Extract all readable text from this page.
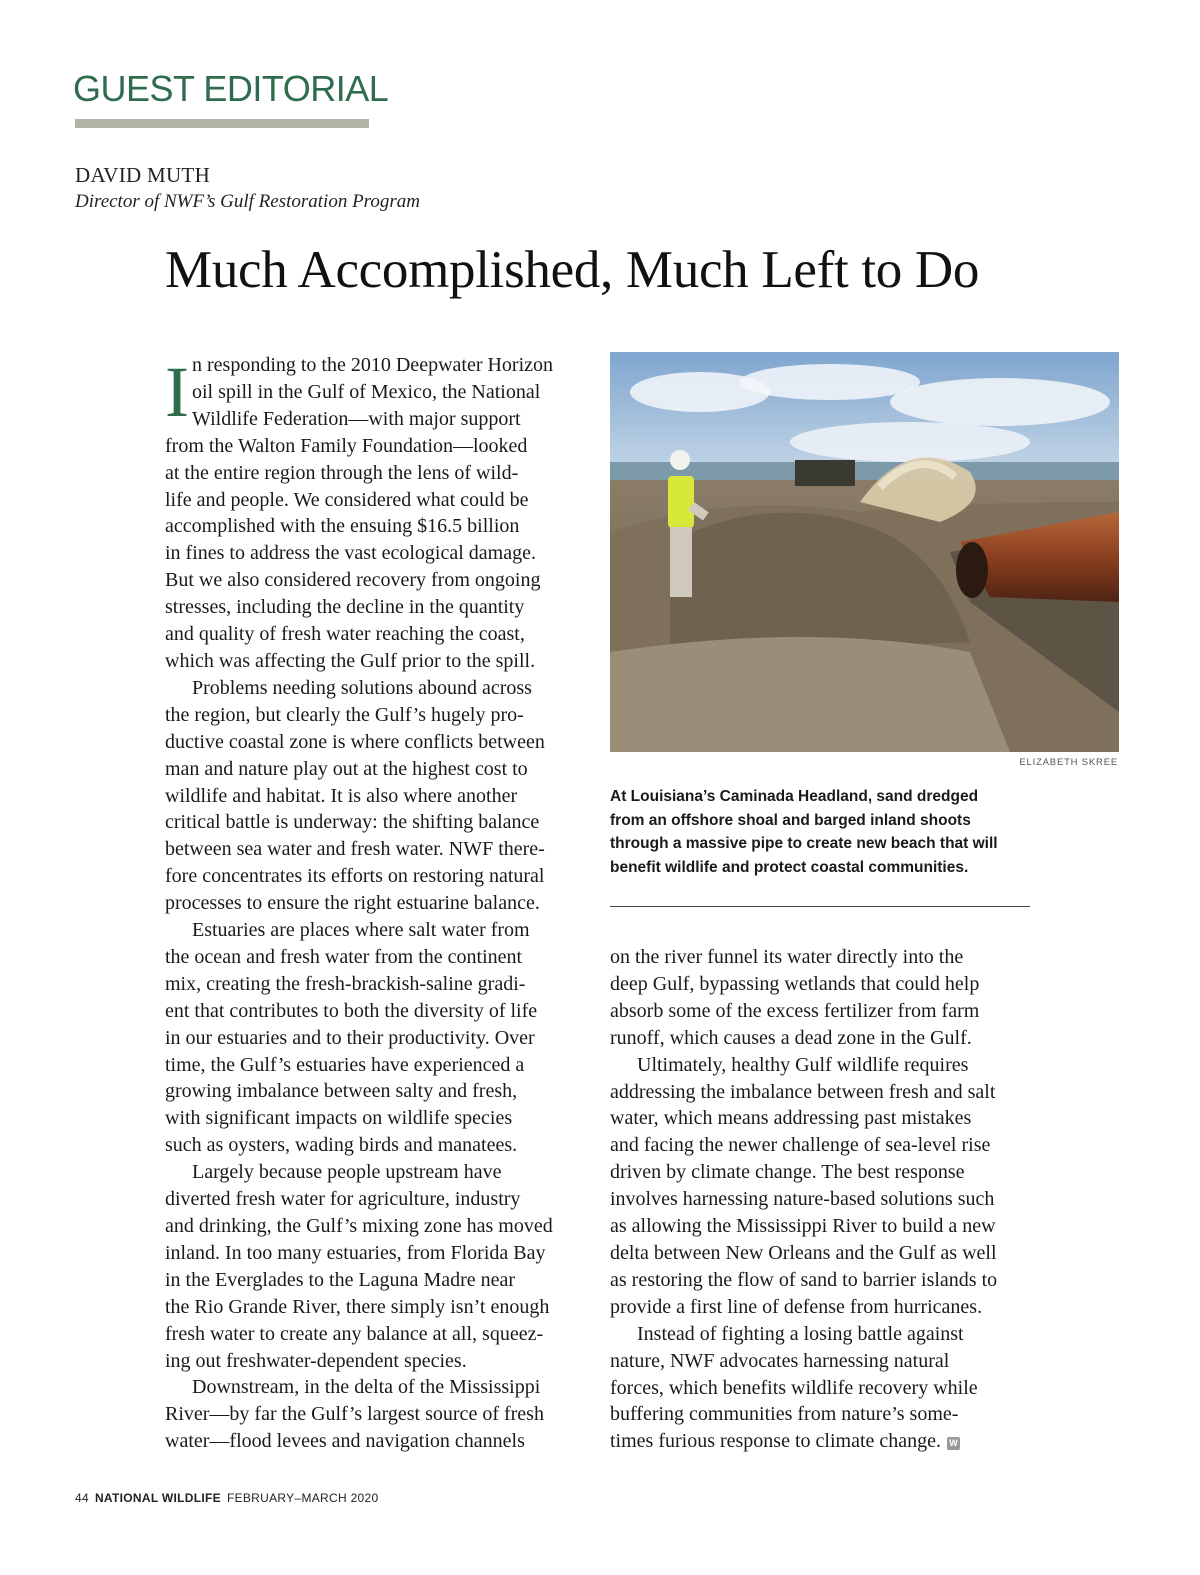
GUEST EDITORIAL
DAVID MUTH
Director of NWF’s Gulf Restoration Program
Much Accomplished, Much Left to Do
I n responding to the 2010 Deepwater Horizon
oil spill in the Gulf of Mexico, the National
Wildlife Federation—with major support
from the Walton Family Foundation—looked
at the entire region through the lens of wild-
life and people. We considered what could be
accomplished with the ensuing $16.5 billion
in fines to address the vast ecological damage.
But we also considered recovery from ongoing
stresses, including the decline in the quantity
and quality of fresh water reaching the coast,
which was affecting the Gulf prior to the spill.
Problems needing solutions abound across
the region, but clearly the Gulf’s hugely pro-
ductive coastal zone is where conflicts between
man and nature play out at the highest cost to
wildlife and habitat. It is also where another
critical battle is underway: the shifting balance
between sea water and fresh water. NWF there-
fore concentrates its efforts on restoring natural
processes to ensure the right estuarine balance.
Estuaries are places where salt water from
the ocean and fresh water from the continent
mix, creating the fresh-brackish-saline gradi-
ent that contributes to both the diversity of life
in our estuaries and to their productivity. Over
time, the Gulf’s estuaries have experienced a
growing imbalance between salty and fresh,
with significant impacts on wildlife species
such as oysters, wading birds and manatees.
Largely because people upstream have
diverted fresh water for agriculture, industry
and drinking, the Gulf’s mixing zone has moved
inland. In too many estuaries, from Florida Bay
in the Everglades to the Laguna Madre near
the Rio Grande River, there simply isn’t enough
fresh water to create any balance at all, squeez-
ing out freshwater-dependent species.
Downstream, in the delta of the Mississippi
River—by far the Gulf’s largest source of fresh
water—flood levees and navigation channels
ELIZABETH SKREE
At Louisiana’s Caminada Headland, sand dredged
from an offshore shoal and barged inland shoots
through a massive pipe to create new beach that will
benefit wildlife and protect coastal communities.
on the river funnel its water directly into the
deep Gulf, bypassing wetlands that could help
absorb some of the excess fertilizer from farm
runoff, which causes a dead zone in the Gulf.
Ultimately, healthy Gulf wildlife requires
addressing the imbalance between fresh and salt
water, which means addressing past mistakes
and facing the newer challenge of sea-level rise
driven by climate change. The best response
involves harnessing nature-based solutions such
as allowing the Mississippi River to build a new
delta between New Orleans and the Gulf as well
as restoring the flow of sand to barrier islands to
provide a first line of defense from hurricanes.
Instead of fighting a losing battle against
nature, NWF advocates harnessing natural
forces, which benefits wildlife recovery while
buffering communities from nature’s some-
times furious response to climate change. W
44 NATIONAL WILDLIFE FEBRUARY–MARCH 2020
